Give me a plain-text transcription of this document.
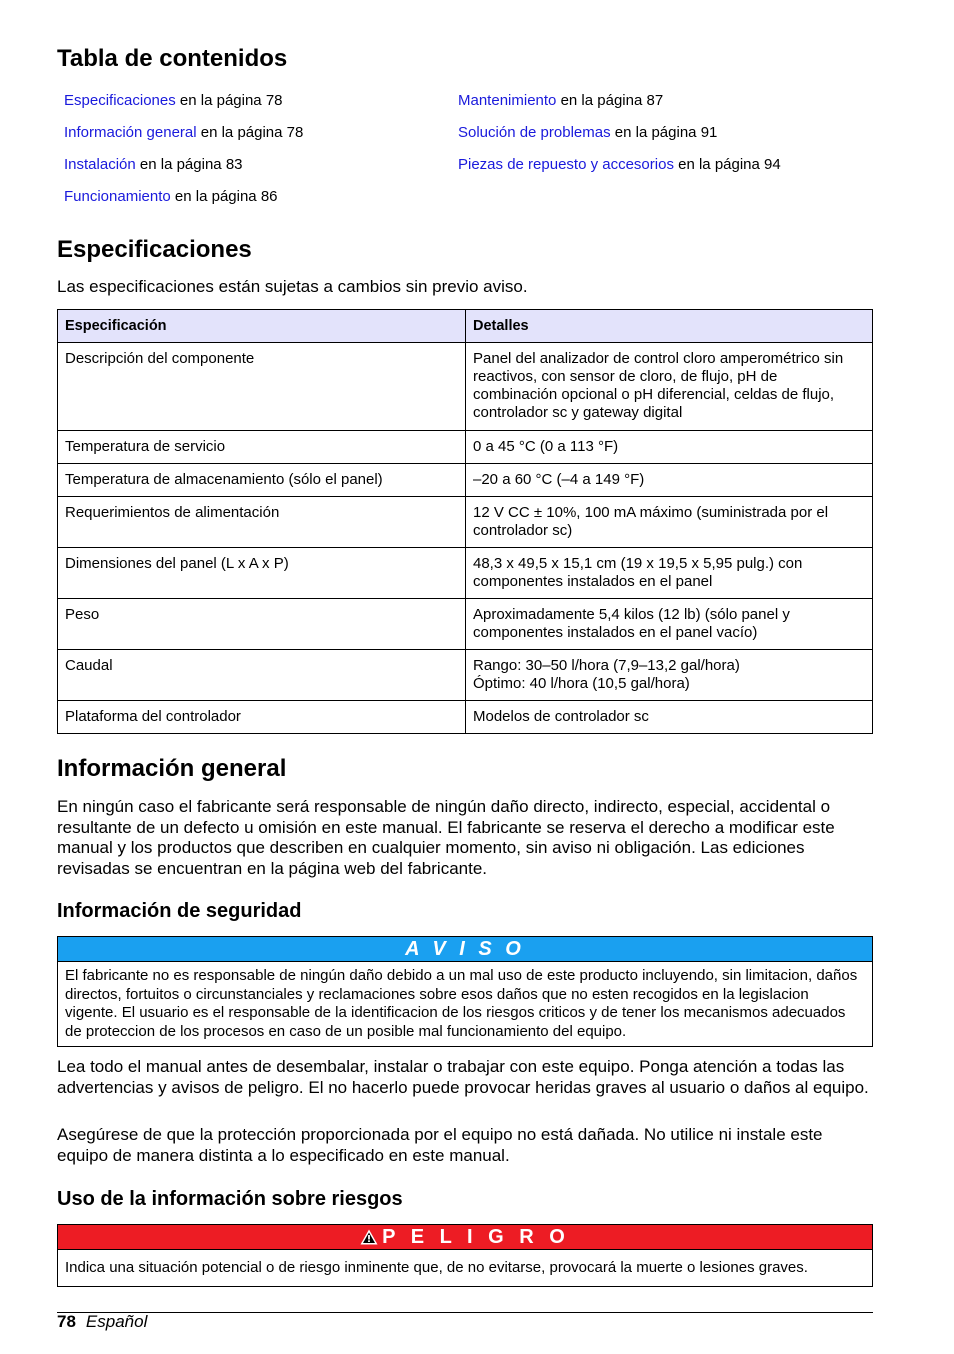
Tabla de contenidos
Especificaciones en la página 78
Información general en la página 78
Instalación en la página 83
Funcionamiento en la página 86
Mantenimiento en la página 87
Solución de problemas en la página 91
Piezas de repuesto y accesorios en la página 94
Especificaciones

Las especificaciones están sujetas a cambios sin previo aviso.

Especificación	Detalles
Descripción del componente	Panel del analizador de control cloro amperométrico sin reactivos, con sensor de cloro, de flujo, pH de combinación opcional o pH diferencial, celdas de flujo, controlador sc y gateway digital
Temperatura de servicio	0 a 45 °C (0 a 113 °F)
Temperatura de almacenamiento (sólo el panel)	–20 a 60 °C (–4 a 149 °F)
Requerimientos de alimentación	12 V CC ± 10%, 100 mA máximo (suministrada por el controlador sc)
Dimensiones del panel (L x A x P)	48,3 x 49,5 x 15,1 cm (19 x 19,5 x 5,95 pulg.) con componentes instalados en el panel
Peso	Aproximadamente 5,4 kilos (12 lb) (sólo panel y componentes instalados en el panel vacío)
Caudal	Rango: 30–50 l/hora (7,9–13,2 gal/hora)
Óptimo: 40 l/hora (10,5 gal/hora)
Plataforma del controlador	Modelos de controlador sc
Información general

En ningún caso el fabricante será responsable de ningún daño directo, indirecto, especial, accidental o resultante de un defecto u omisión en este manual. El fabricante se reserva el derecho a modificar este manual y los productos que describen en cualquier momento, sin aviso ni obligación. Las ediciones revisadas se encuentran en la página web del fabricante.

Información de seguridad
A V I S O
El fabricante no es responsable de ningún daño debido a un mal uso de este producto incluyendo, sin limitacion, daños directos, fortuitos o circunstanciales y reclamaciones sobre esos daños que no esten recogidos en la legislacion vigente. El usuario es el responsable de la identificacion de los riesgos criticos y de tener los mecanismos adecuados de proteccion de los procesos en caso de un posible mal funcionamiento del equipo.

Lea todo el manual antes de desembalar, instalar o trabajar con este equipo. Ponga atención a todas las advertencias y avisos de peligro. El no hacerlo puede provocar heridas graves al usuario o daños al equipo.

Asegúrese de que la protección proporcionada por el equipo no está dañada. No utilice ni instale este equipo de manera distinta a lo especificado en este manual.

Uso de la información sobre riesgos
P E L I G R O
Indica una situación potencial o de riesgo inminente que, de no evitarse, provocará la muerte o lesiones graves.
78 Español
